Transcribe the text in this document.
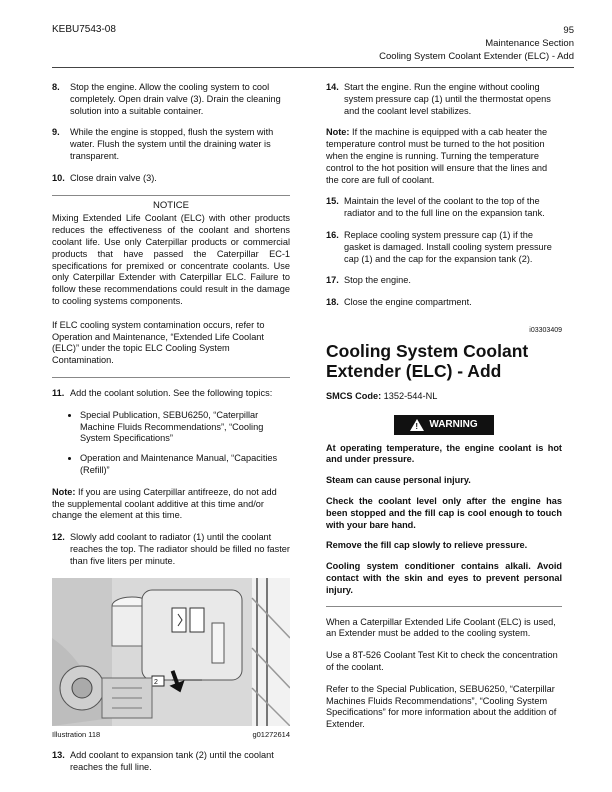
KEBU7543-08	95
Maintenance Section
Cooling System Coolant Extender (ELC) - Add
8.	Stop the engine. Allow the cooling system to cool completely. Open drain valve (3). Drain the cleaning solution into a suitable container.
9.	While the engine is stopped, flush the system with water. Flush the system until the draining water is transparent.
10. Close drain valve (3).
NOTICE
Mixing Extended Life Coolant (ELC) with other products reduces the effectiveness of the coolant and shortens coolant life. Use only Caterpillar products or commercial products that have passed the Caterpillar EC-1 specifications for premixed or concentrate coolants. Use only Caterpillar Extender with Caterpillar ELC. Failure to follow these recommendations could result in the damage to cooling systems components.

If ELC cooling system contamination occurs, refer to Operation and Maintenance, “Extended Life Coolant (ELC)” under the topic ELC Cooling System Contamination.

11. Add the coolant solution. See the following topics:
• Special Publication, SEBU6250, “Caterpillar Machine Fluids Recommendations”, “Cooling System Specifications”
• Operation and Maintenance Manual, “Capacities (Refill)”

Note: If you are using Caterpillar antifreeze, do not add the supplemental coolant additive at this time and/or change the element at this time.

12. Slowly add coolant to radiator (1) until the coolant reaches the top. The radiator should be filled no faster than five liters per minute.
2
Illustration 118	g01272614
13. Add coolant to expansion tank (2) until the coolant reaches the full line.
14. Start the engine. Run the engine without cooling system pressure cap (1) until the thermostat opens and the coolant level stabilizes.

Note: If the machine is equipped with a cab heater the temperature control must be turned to the hot position when the engine is running. Turning the temperature control to the hot position will ensure that the lines and the core are full of coolant.

15. Maintain the level of the coolant to the top of the radiator and to the full line on the expansion tank.
16. Replace cooling system pressure cap (1) if the gasket is damaged. Install cooling system pressure cap (1) and the cap for the expansion tank (2).
17. Stop the engine.
18. Close the engine compartment.
i03303409
Cooling System Coolant Extender (ELC) - Add
SMCS Code: 1352-544-NL
!
WARNING

At operating temperature, the engine coolant is hot and under pressure.

Steam can cause personal injury.

Check the coolant level only after the engine has been stopped and the fill cap is cool enough to touch with your bare hand.

Remove the fill cap slowly to relieve pressure.

Cooling system conditioner contains alkali. Avoid contact with the skin and eyes to prevent personal injury.

When a Caterpillar Extended Life Coolant (ELC) is used, an Extender must be added to the cooling system.

Use a 8T-526 Coolant Test Kit to check the concentration of the coolant.

Refer to the Special Publication, SEBU6250, “Caterpillar Machines Fluids Recommendations”, “Cooling System Specifications” for more information about the addition of Extender.
